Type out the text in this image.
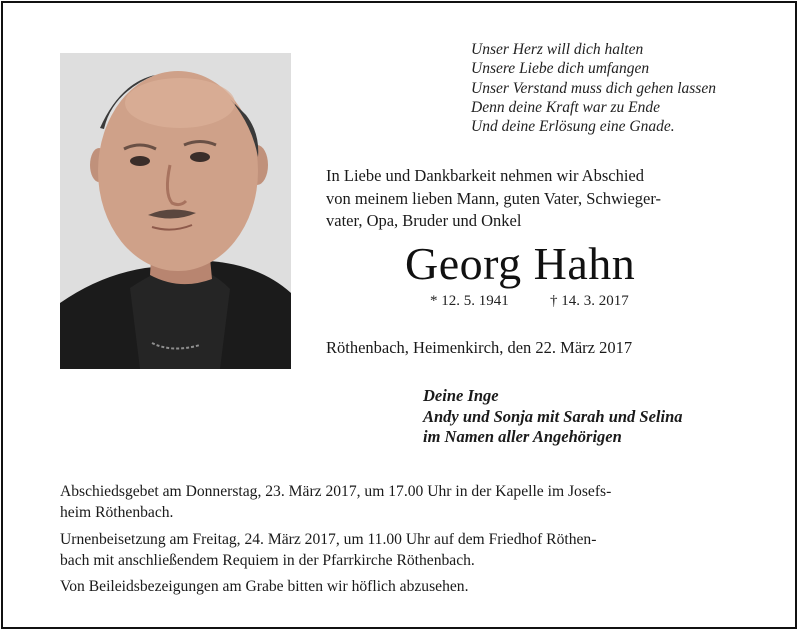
Unser Herz will dich halten
Unsere Liebe dich umfangen
Unser Verstand muss dich gehen lassen
Denn deine Kraft war zu Ende
Und deine Erlösung eine Gnade.
In Liebe und Dankbarkeit nehmen wir Abschied
von meinem lieben Mann, guten Vater, Schwieger-
vater, Opa, Bruder und Onkel
Georg Hahn
* 12. 5. 1941	† 14. 3. 2017
Röthenbach, Heimenkirch, den 22. März 2017
Deine Inge
Andy und Sonja mit Sarah und Selina
im Namen aller Angehörigen
Abschiedsgebet am Donnerstag, 23. März 2017, um 17.00 Uhr in der Kapelle im Josefs-
heim Röthenbach.
Urnenbeisetzung am Freitag, 24. März 2017, um 11.00 Uhr auf dem Friedhof Röthen-
bach mit anschließendem Requiem in der Pfarrkirche Röthenbach.
Von Beileidsbezeigungen am Grabe bitten wir höflich abzusehen.
